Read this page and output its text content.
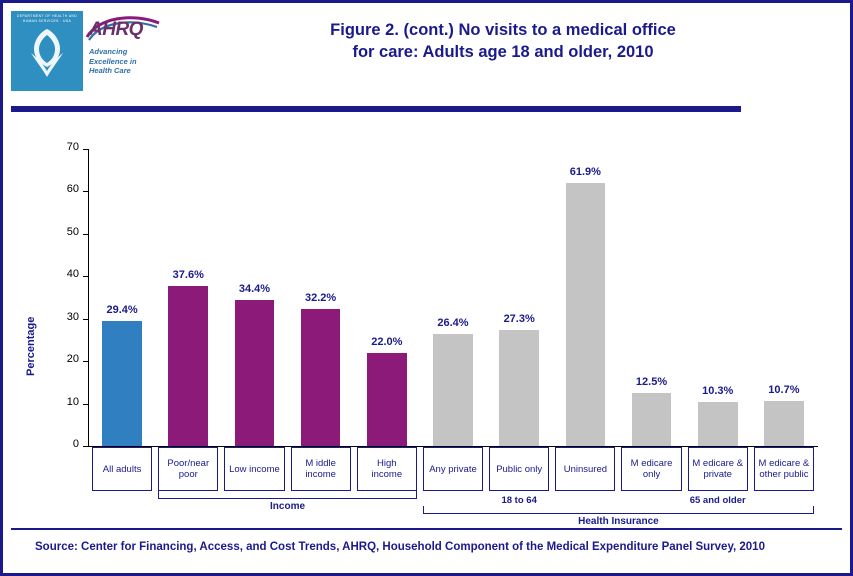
DEPARTMENT OF HEALTH AND HUMAN SERVICES · USA AHRQ
Advancing
Excellence in
Health Care
Figure 2. (cont.) No visits to a medical office
for care: Adults age 18 and older, 2010
Percentage
0
10
20
30
40
50
60
70
29.4%
37.6%
34.4%
32.2%
22.0%
26.4%	27.3%
61.9%
12.5%
10.3%	10.7%
All adults	Poor/near
poor	Low income	M iddle
income
High
income	Any private Public only Uninsured M edicare
only
M edicare &
private
M edicare &
other public
18 to 64	65 and older
Income
Health Insurance
Source: Center for Financing, Access, and Cost Trends, AHRQ, Household Component of the Medical Expenditure Panel Survey, 2010
